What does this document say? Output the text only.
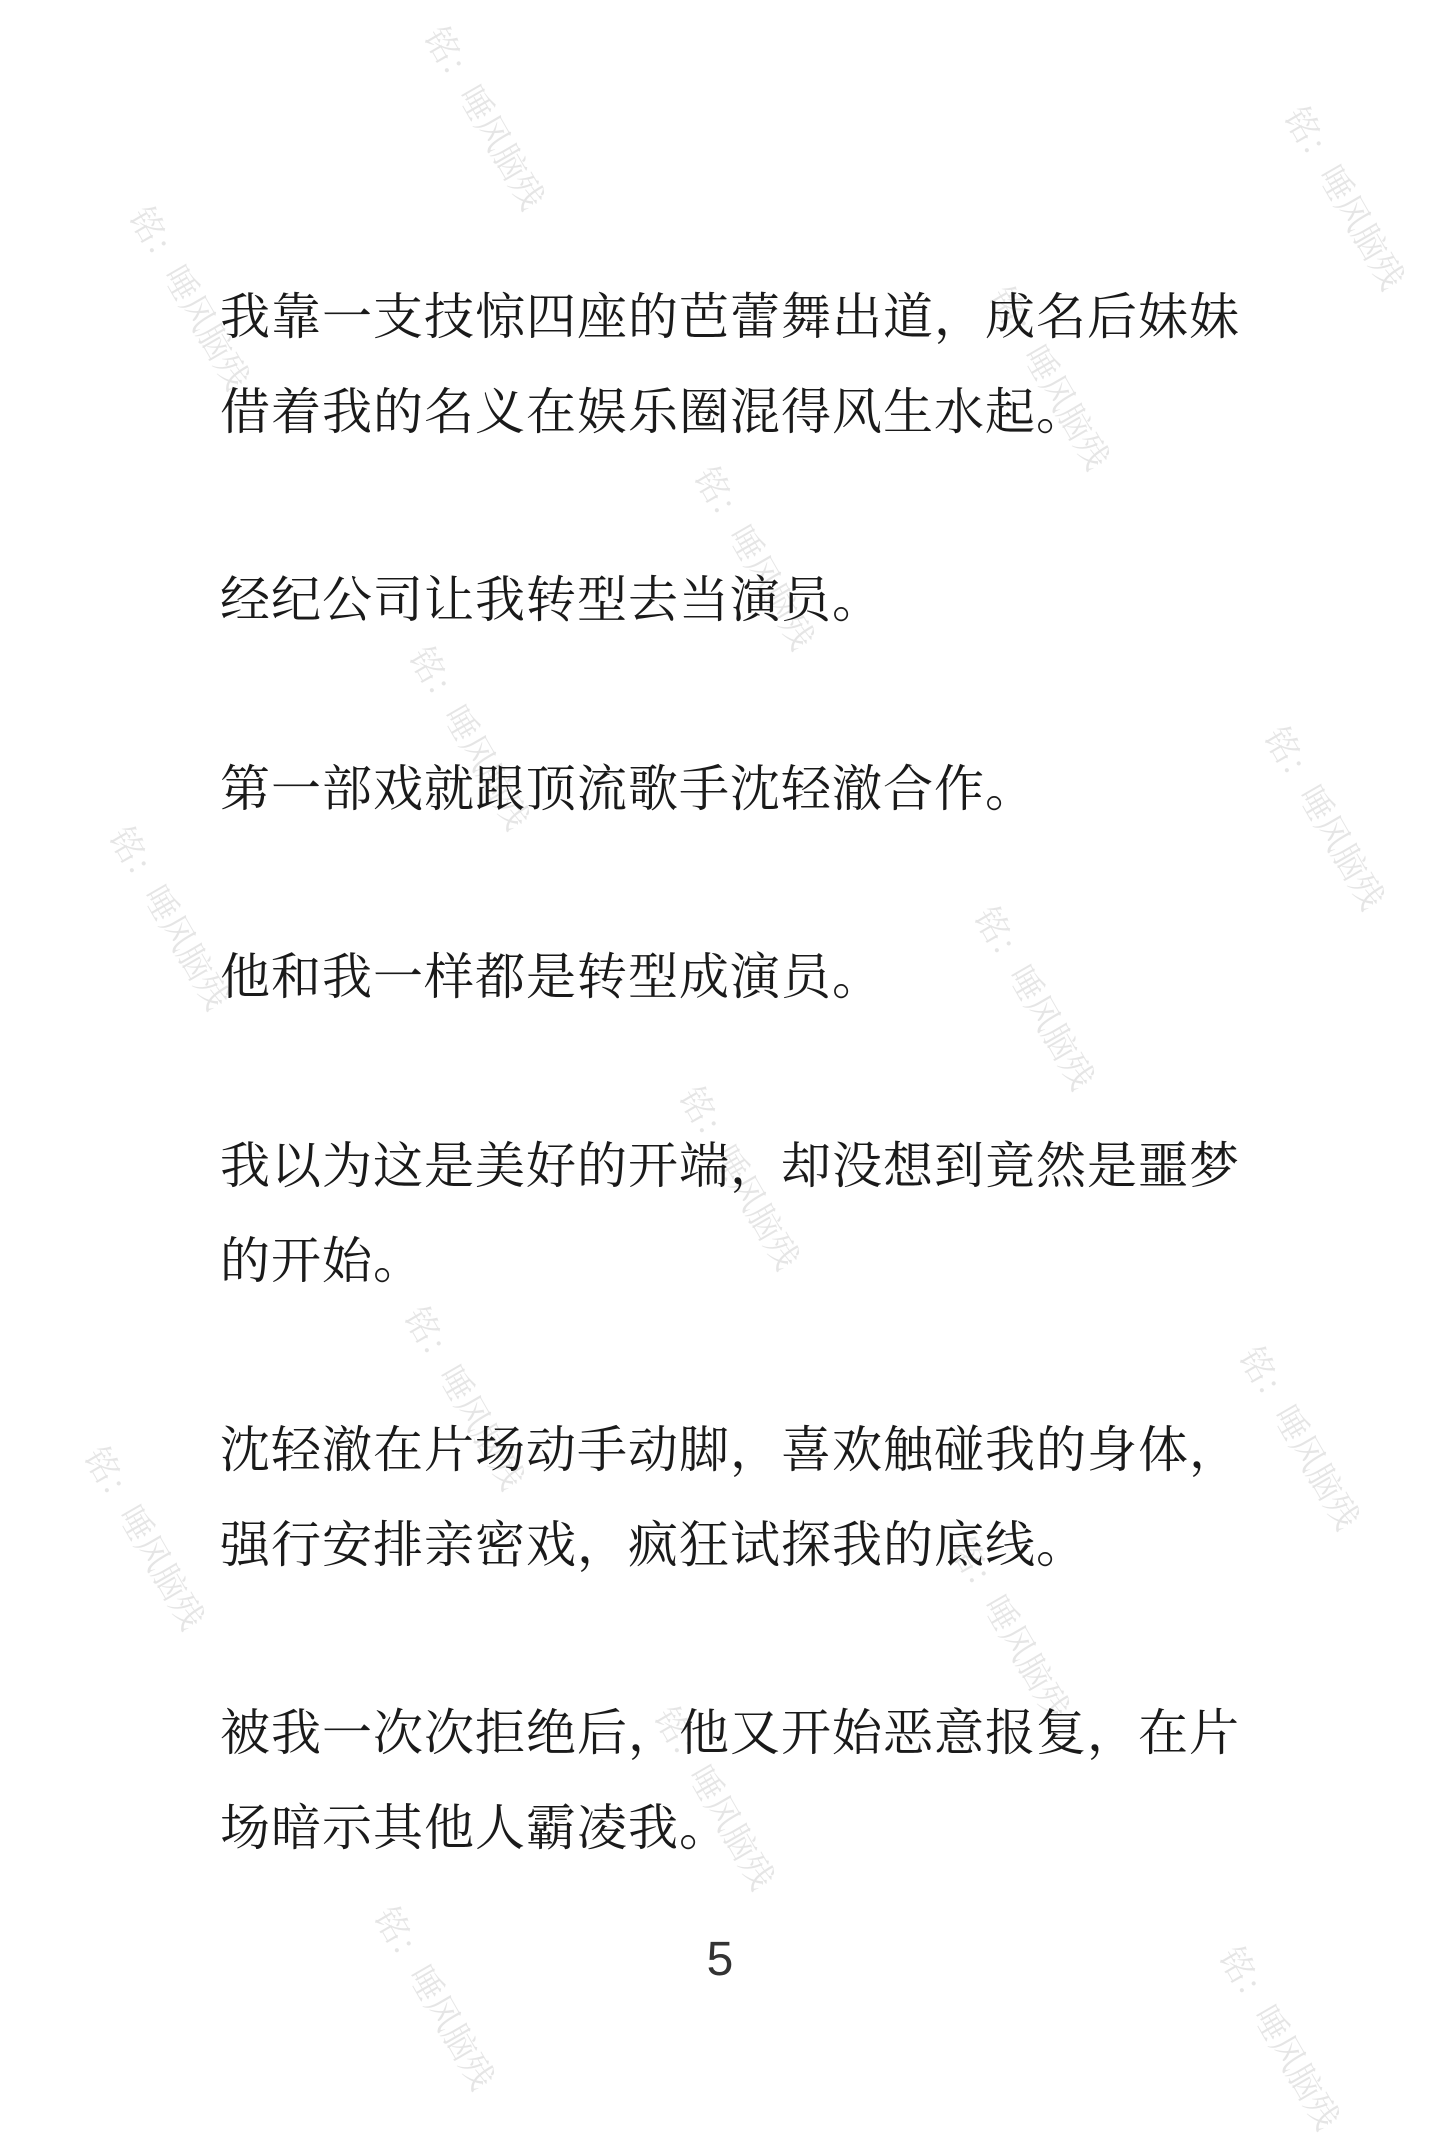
铭：唾风脑残	铭：唾风脑残
铭：唾风脑残	铭：唾风脑残
铭：唾风脑残
铭：唾风脑残	铭：唾风脑残
铭：唾风脑残	铭：唾风脑残
铭：唾风脑残
铭：唾风脑残	铭：唾风脑残
铭：唾风脑残	铭：唾风脑残
铭：唾风脑残
铭：唾风脑残	铭：唾风脑残

我靠一支技惊四座的芭蕾舞出道，成名后妹妹借着我的名义在娱乐圈混得风生水起。

经纪公司让我转型去当演员。

第一部戏就跟顶流歌手沈轻澈合作。

他和我一样都是转型成演员。

我以为这是美好的开端，却没想到竟然是噩梦的开始。

沈轻澈在片场动手动脚，喜欢触碰我的身体，强行安排亲密戏，疯狂试探我的底线。

被我一次次拒绝后，他又开始恶意报复，在片场暗示其他人霸凌我。

5
